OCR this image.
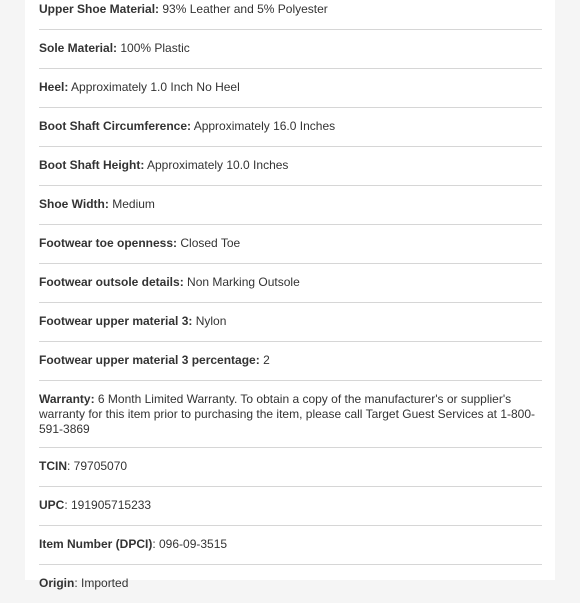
Upper Shoe Material: 93% Leather and 5% Polyester
Sole Material: 100% Plastic
Heel: Approximately 1.0 Inch No Heel
Boot Shaft Circumference: Approximately 16.0 Inches
Boot Shaft Height: Approximately 10.0 Inches
Shoe Width: Medium
Footwear toe openness: Closed Toe
Footwear outsole details: Non Marking Outsole
Footwear upper material 3: Nylon
Footwear upper material 3 percentage: 2
Warranty: 6 Month Limited Warranty. To obtain a copy of the manufacturer's or supplier's warranty for this item prior to purchasing the item, please call Target Guest Services at 1-800-591-3869
TCIN: 79705070
UPC: 191905715233
Item Number (DPCI): 096-09-3515
Origin: Imported
